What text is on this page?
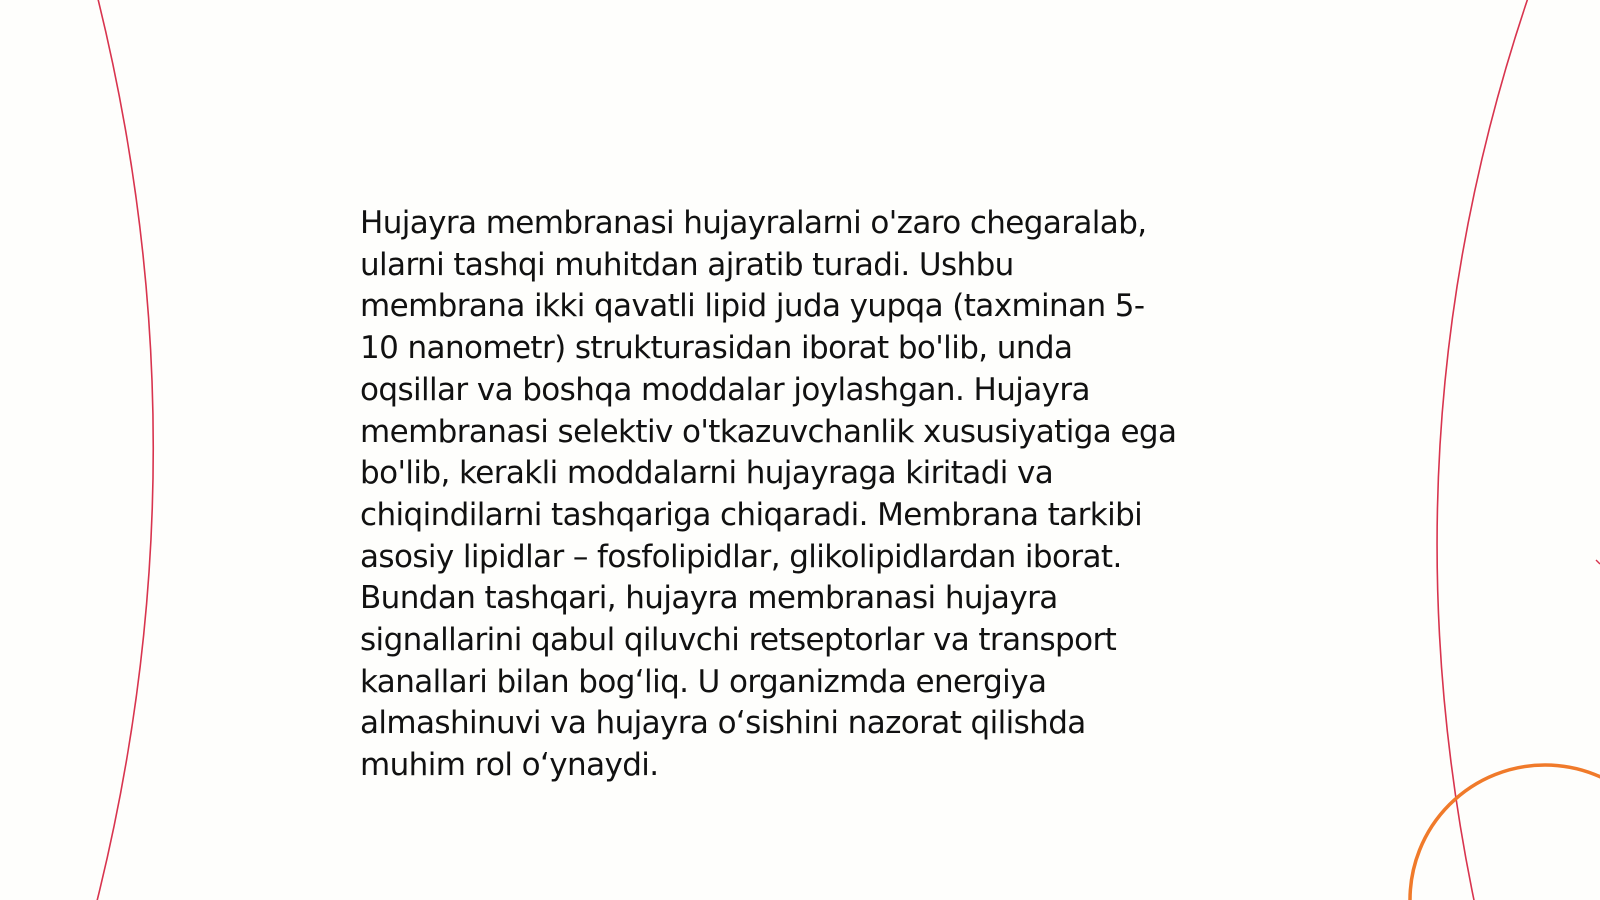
Hujayra membranasi hujayralarni o'zaro chegaralab,
ularni tashqi muhitdan ajratib turadi. Ushbu
membrana ikki qavatli lipid juda yupqa (taxminan 5-
10 nanometr) strukturasidan iborat bo'lib, unda
oqsillar va boshqa moddalar joylashgan. Hujayra
membranasi selektiv o'tkazuvchanlik xususiyatiga ega
bo'lib, kerakli moddalarni hujayraga kiritadi va
chiqindilarni tashqariga chiqaradi. Membrana tarkibi
asosiy lipidlar – fosfolipidlar, glikolipidlardan iborat.
Bundan tashqari, hujayra membranasi hujayra
signallarini qabul qiluvchi retseptorlar va transport
kanallari bilan bog‘liq. U organizmda energiya
almashinuvi va hujayra o‘sishini nazorat qilishda
muhim rol o‘ynaydi.
